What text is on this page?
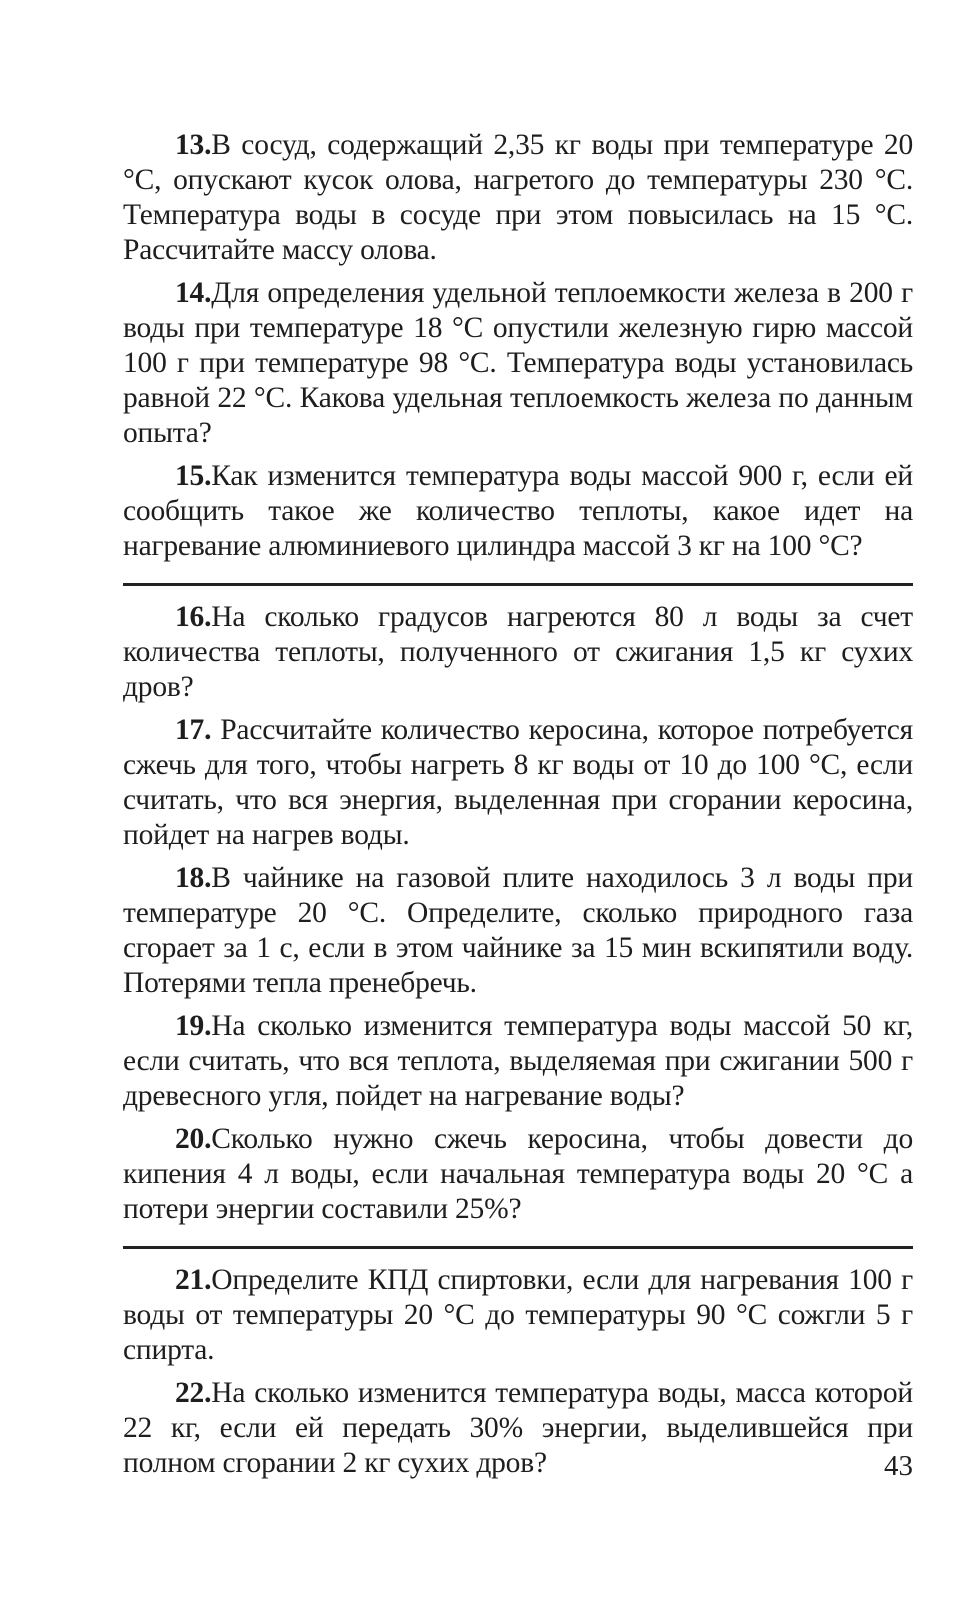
13.В сосуд, содержащий 2,35 кг воды при температуре 20 °С, опускают кусок олова, нагретого до температуры 230 °С. Температура воды в сосуде при этом повысилась на 15 °С. Рассчитайте массу олова.

14.Для определения удельной теплоемкости железа в 200 г воды при температуре 18 °С опустили железную гирю массой 100 г при температуре 98 °С. Температура воды установилась равной 22 °С. Какова удельная теплоемкость железа по данным опыта?

15.Как изменится температура воды массой 900 г, если ей сообщить такое же количество теплоты, какое идет на нагревание алюминиевого цилиндра массой 3 кг на 100 °С?

16.На сколько градусов нагреются 80 л воды за счет количества теплоты, полученного от сжигания 1,5 кг сухих дров?

17. Рассчитайте количество керосина, которое потребуется сжечь для того, чтобы нагреть 8 кг воды от 10 до 100 °С, если считать, что вся энергия, выделенная при сгорании керосина, пойдет на нагрев воды.

18.В чайнике на газовой плите находилось 3 л воды при температуре 20 °С. Определите, сколько природного газа сгорает за 1 с, если в этом чайнике за 15 мин вскипятили воду. Потерями тепла пренебречь.

19.На сколько изменится температура воды массой 50 кг, если считать, что вся теплота, выделяемая при сжигании 500 г древесного угля, пойдет на нагревание воды?

20.Сколько нужно сжечь керосина, чтобы довести до кипения 4 л воды, если начальная температура воды 20 °С а потери энергии составили 25%?

21.Определите КПД спиртовки, если для нагревания 100 г воды от температуры 20 °С до температуры 90 °С сожгли 5 г спирта.

22.На сколько изменится температура воды, масса которой 22 кг, если ей передать 30% энергии, выделившейся при полном сгорании 2 кг сухих дров?	43
